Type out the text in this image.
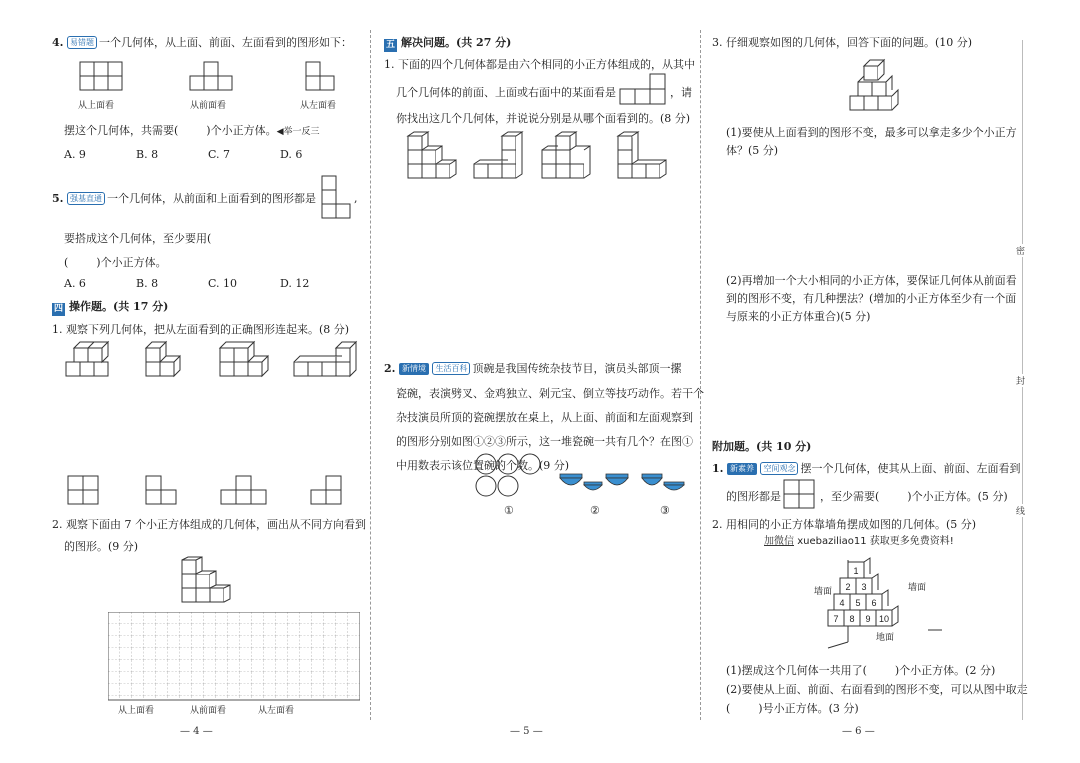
4. 易错题 一个几何体，从上面、前面、左面看到的图形如下：
从上面看	从前面看	从左面看
摆这个几何体，共需要(	)个小正方体。◀举一反三
A. 9	B. 8	C. 7	D. 6
5. 强基直通 一个几何体，从前面和上面看到的图形都是	,
要搭成这个几何体，至少要用(
(	)个小正方体。
A. 6	B. 8	C. 10	D. 12
四 操作题。(共 17 分)
1. 观察下列几何体，把从左面看到的正确图形连起来。(8 分)
2. 观察下面由 7 个小正方体组成的几何体，画出从不同方向看到
的图形。(9 分)
从上面看	从前面看	从左面看
— 4 —
五 解决问题。(共 27 分)
1. 下面的四个几何体都是由六个相同的小正方体组成的，从其中
几个几何体的前面、上面或右面中的某面看是	，请
你找出这几个几何体，并说说分别是从哪个面看到的。(8 分)
2. 新情境 生活百科 顶碗是我国传统杂技节目，演员头部顶一摞
瓷碗，表演劈叉、金鸡独立、剁元宝、倒立等技巧动作。若干个
杂技演员所顶的瓷碗摆放在桌上，从上面、前面和左面观察到
的图形分别如图①②③所示，这一堆瓷碗一共有几个？在图①
中用数表示该位置碗的个数。(9 分)
①	②	③
— 5 —
3. 仔细观察如图的几何体，回答下面的问题。(10 分)
(1)要使从上面看到的图形不变，最多可以拿走多少个小正方
体？(5 分)
(2)再增加一个大小相同的小正方体，要保证几何体从前面看
到的图形不变，有几种摆法？(增加的小正方体至少有一个面
与原来的小正方体重合)(5 分)
附加题。(共 10 分)
1. 新素养 空间观念 摆一个几何体，使其从上面、前面、左面看到
的图形都是	，至少需要(	)个小正方体。(5 分)
2. 用相同的小正方体靠墙角摆成如图的几何体。(5 分)
加微信 xuebaziliao11 获取更多免费资料!
1
2 3
4 5 6
7 8 9 10
墙面	墙面
地面
(1)摆成这个几何体一共用了(	)个小正方体。(2 分)
(2)要使从上面、前面、右面看到的图形不变，可以从图中取走
(	)号小正方体。(3 分)
— 6 —
密
封
线
